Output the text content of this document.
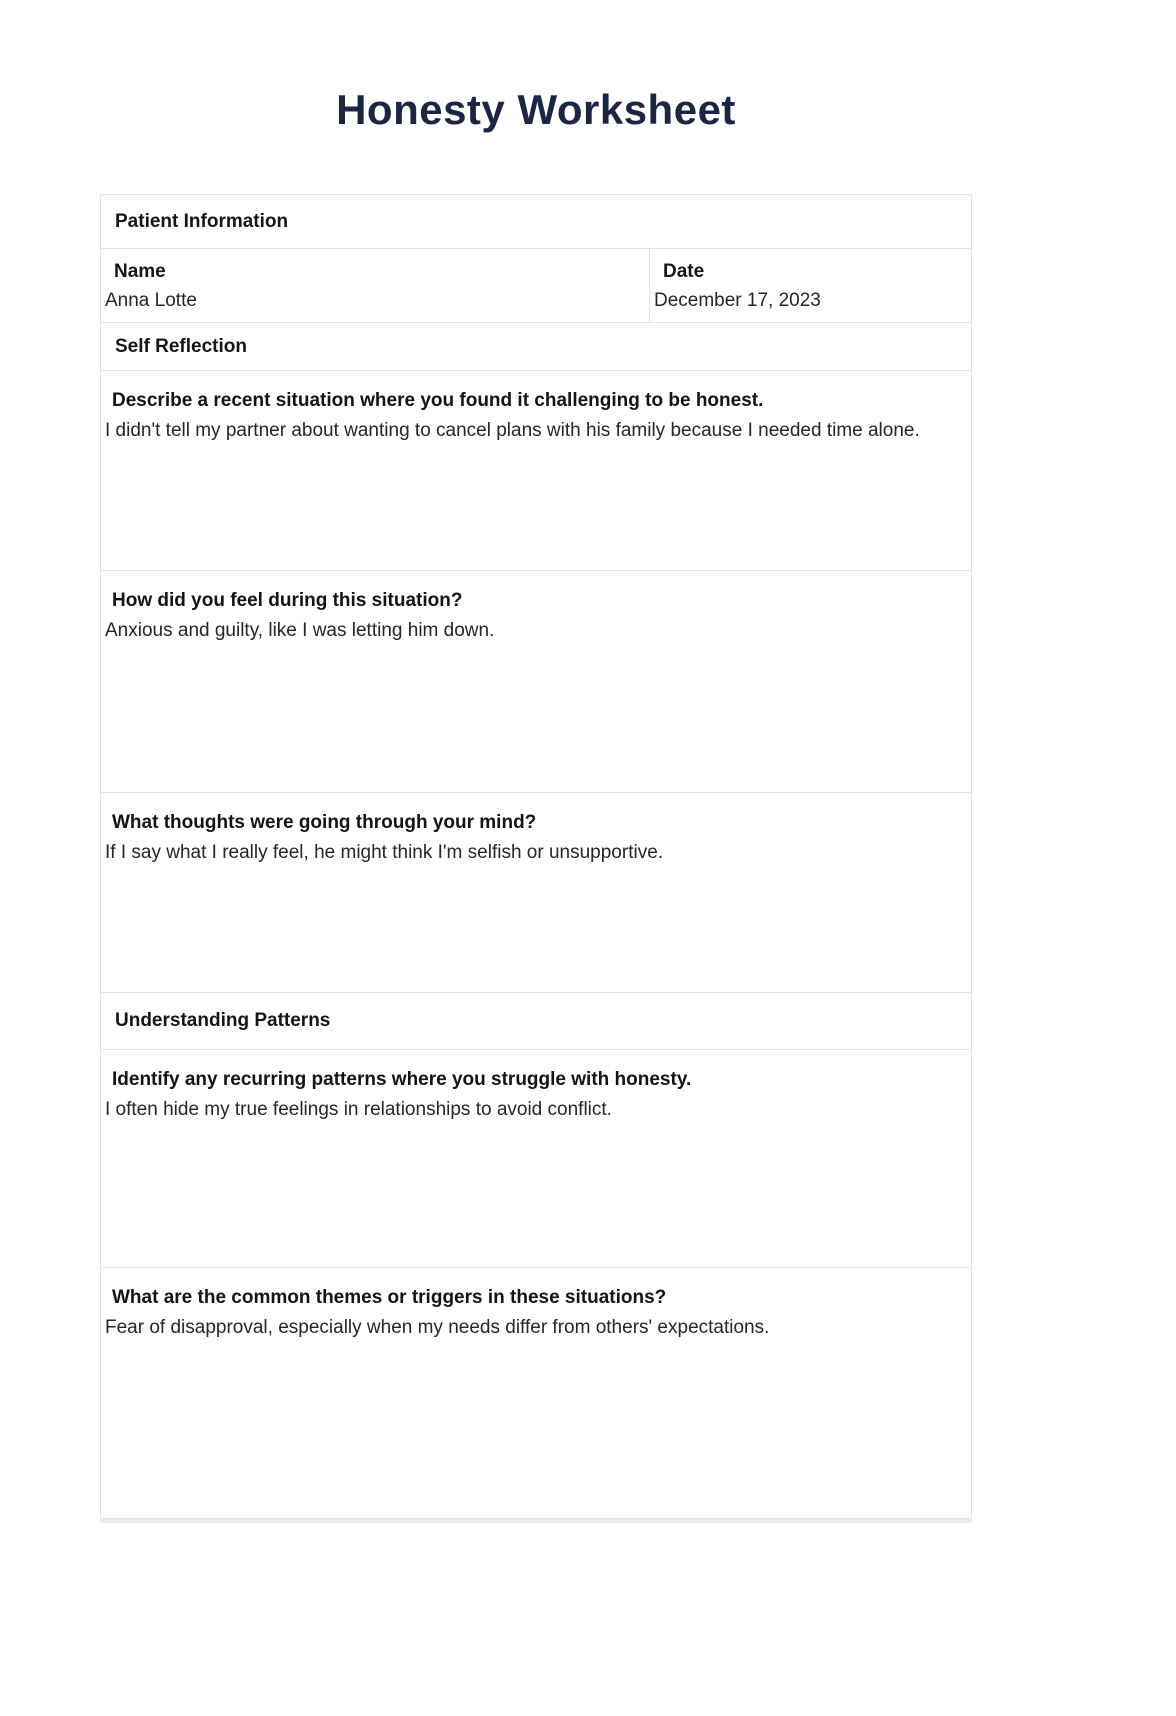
Honesty Worksheet
Patient Information
Name
Anna Lotte
Date
December 17, 2023
Self Reflection
Describe a recent situation where you found it challenging to be honest.
I didn't tell my partner about wanting to cancel plans with his family because I needed time alone.
How did you feel during this situation?
Anxious and guilty, like I was letting him down.
What thoughts were going through your mind?
If I say what I really feel, he might think I'm selfish or unsupportive.
Understanding Patterns
Identify any recurring patterns where you struggle with honesty.
I often hide my true feelings in relationships to avoid conflict.
What are the common themes or triggers in these situations?
Fear of disapproval, especially when my needs differ from others' expectations.
